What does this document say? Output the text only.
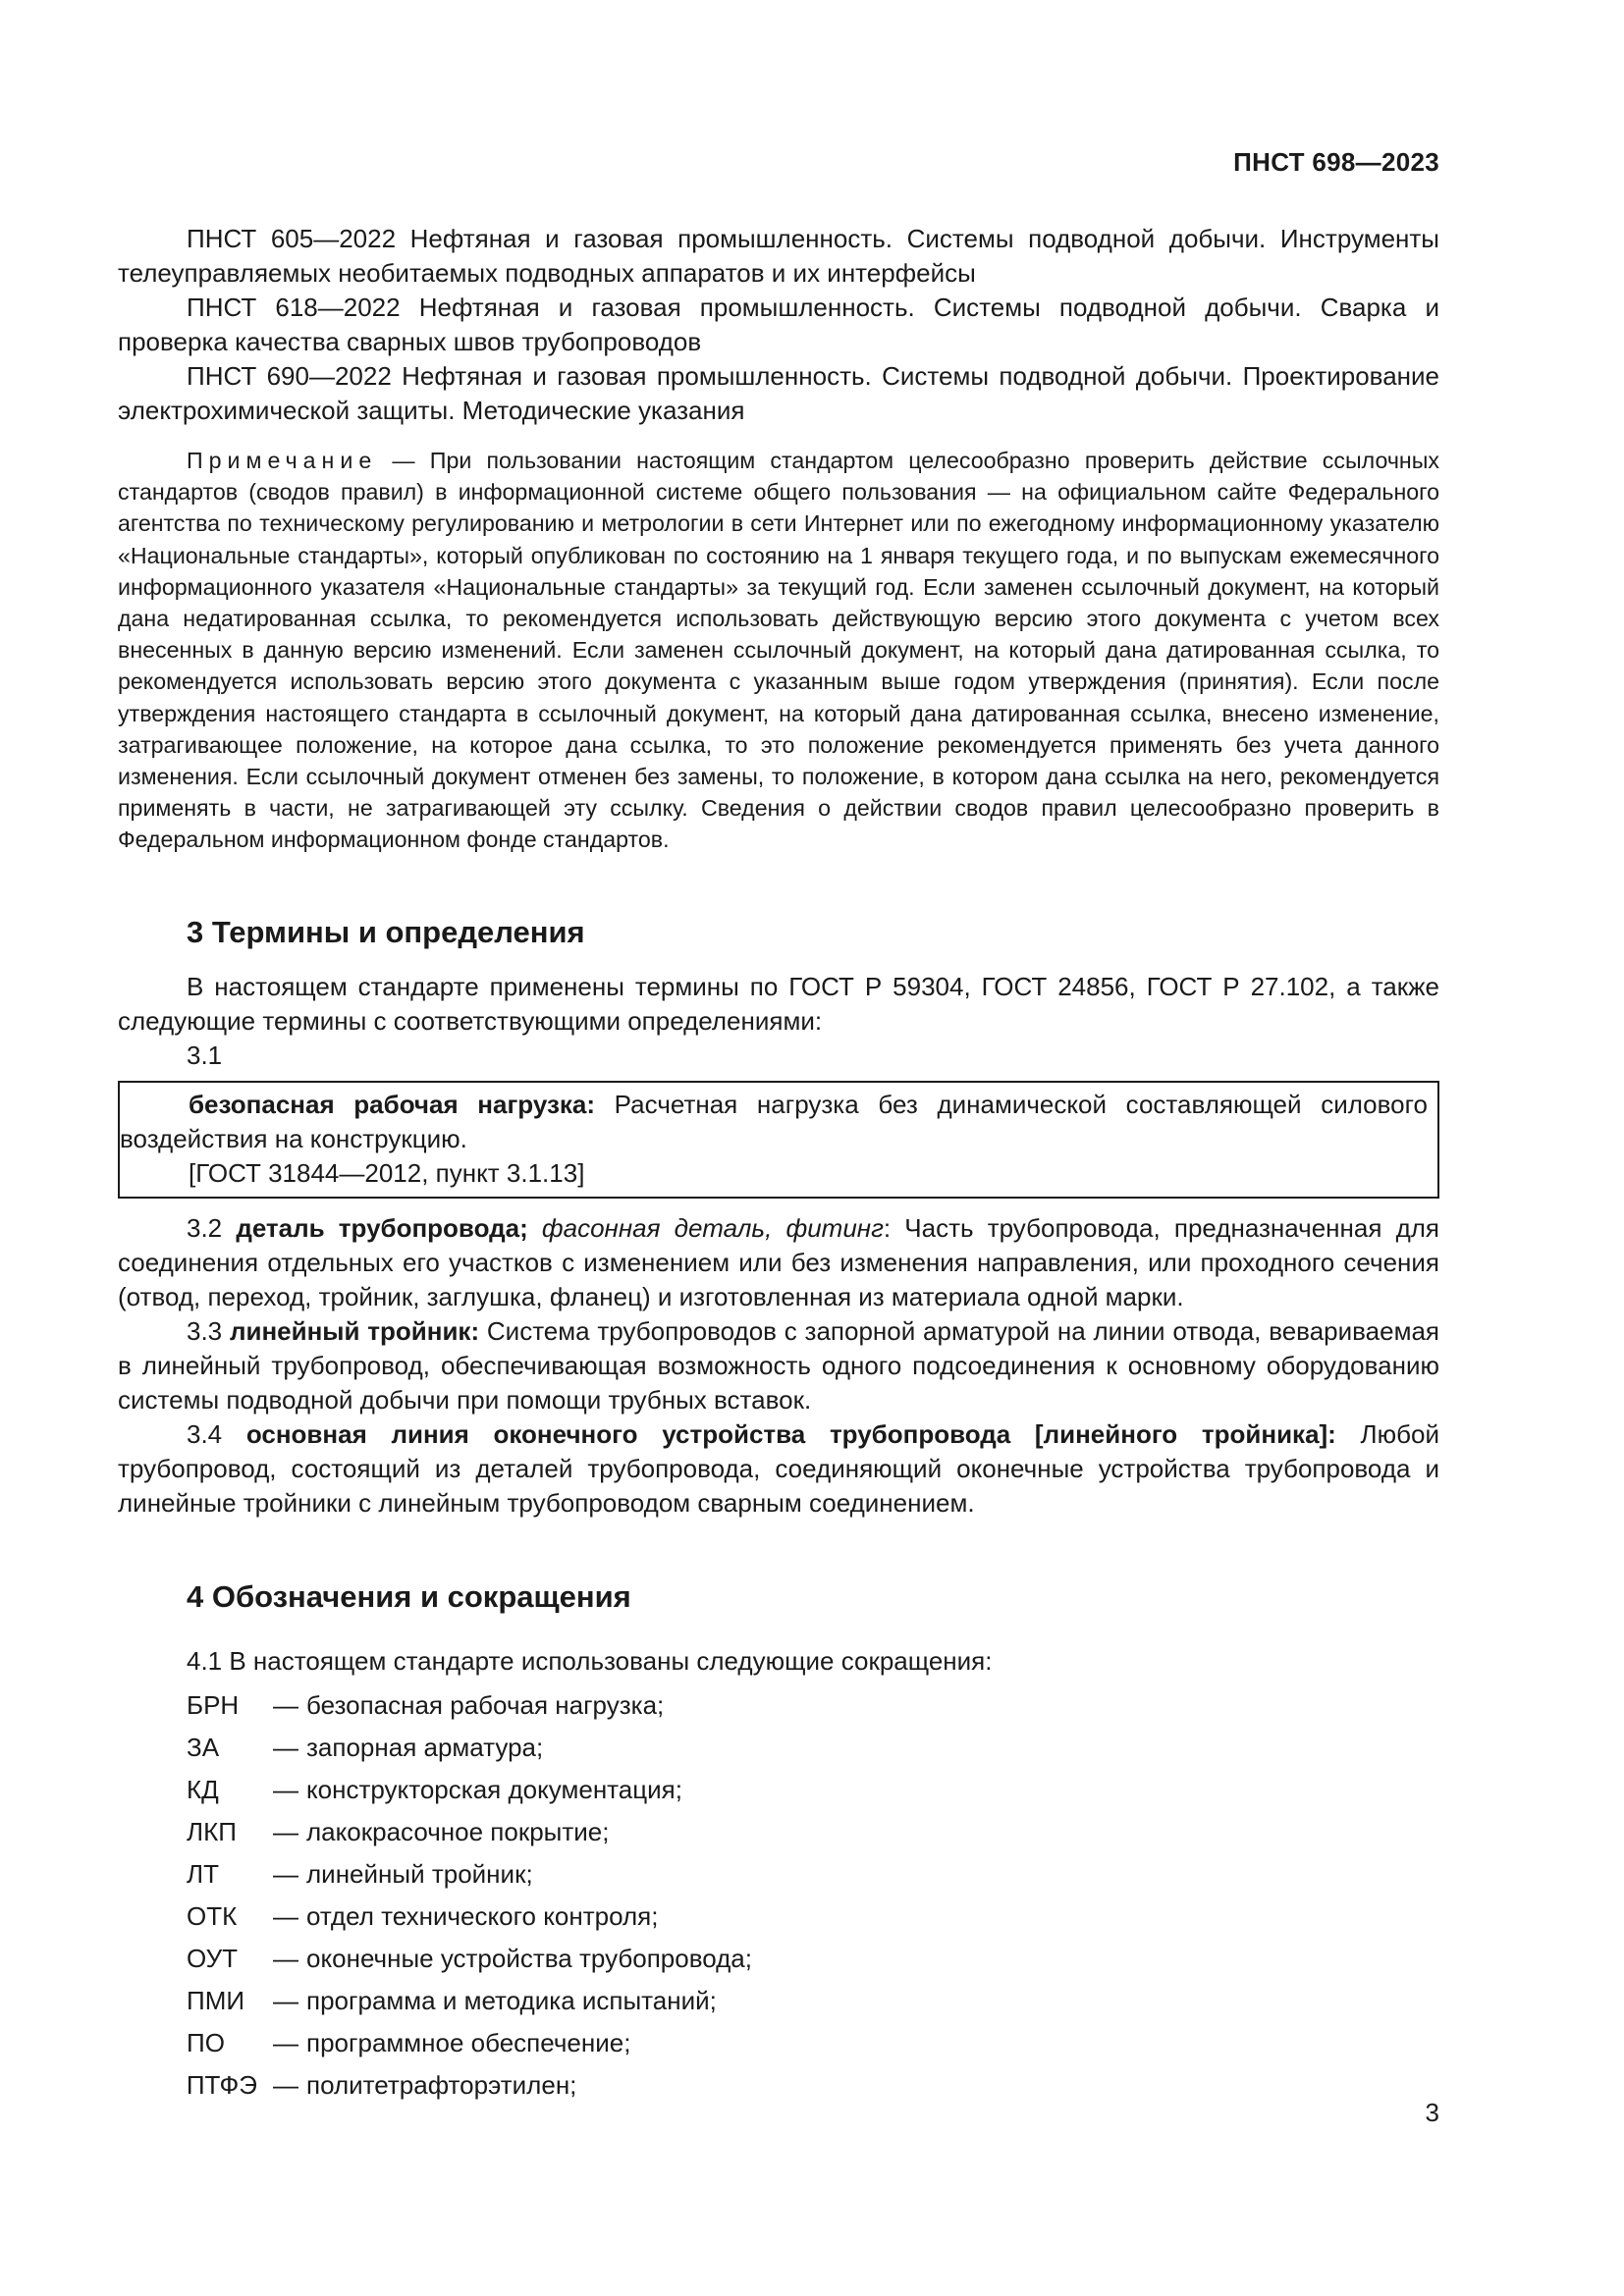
ПНСТ 698—2023

ПНСТ 605—2022 Нефтяная и газовая промышленность. Системы подводной добычи. Инструменты телеуправляемых необитаемых подводных аппаратов и их интерфейсы

ПНСТ 618—2022 Нефтяная и газовая промышленность. Системы подводной добычи. Сварка и проверка качества сварных швов трубопроводов

ПНСТ 690—2022 Нефтяная и газовая промышленность. Системы подводной добычи. Проектирование электрохимической защиты. Методические указания

Примечание — При пользовании настоящим стандартом целесообразно проверить действие ссылочных стандартов (сводов правил) в информационной системе общего пользования — на официальном сайте Федерального агентства по техническому регулированию и метрологии в сети Интернет или по ежегодному информационному указателю «Национальные стандарты», который опубликован по состоянию на 1 января текущего года, и по выпускам ежемесячного информационного указателя «Национальные стандарты» за текущий год. Если заменен ссылочный документ, на который дана недатированная ссылка, то рекомендуется использовать действующую версию этого документа с учетом всех внесенных в данную версию изменений. Если заменен ссылочный документ, на который дана датированная ссылка, то рекомендуется использовать версию этого документа с указанным выше годом утверждения (принятия). Если после утверждения настоящего стандарта в ссылочный документ, на который дана датированная ссылка, внесено изменение, затрагивающее положение, на которое дана ссылка, то это положение рекомендуется применять без учета данного изменения. Если ссылочный документ отменен без замены, то положение, в котором дана ссылка на него, рекомендуется применять в части, не затрагивающей эту ссылку. Сведения о действии сводов правил целесообразно проверить в Федеральном информационном фонде стандартов.

3 Термины и определения

В настоящем стандарте применены термины по ГОСТ Р 59304, ГОСТ 24856, ГОСТ Р 27.102, а также следующие термины с соответствующими определениями:

3.1

безопасная рабочая нагрузка: Расчетная нагрузка без динамической составляющей силового воздействия на конструкцию.

[ГОСТ 31844—2012, пункт 3.1.13]

3.2 деталь трубопровода; фасонная деталь, фитинг: Часть трубопровода, предназначенная для соединения отдельных его участков с изменением или без изменения направления, или проходного сечения (отвод, переход, тройник, заглушка, фланец) и изготовленная из материала одной марки.

3.3 линейный тройник: Система трубопроводов с запорной арматурой на линии отвода, вевариваемая в линейный трубопровод, обеспечивающая возможность одного подсоединения к основному оборудованию системы подводной добычи при помощи трубных вставок.

3.4 основная линия оконечного устройства трубопровода [линейного тройника]: Любой трубопровод, состоящий из деталей трубопровода, соединяющий оконечные устройства трубопровода и линейные тройники с линейным трубопроводом сварным соединением.

4 Обозначения и сокращения

4.1 В настоящем стандарте использованы следующие сокращения:

БРН	— безопасная рабочая нагрузка;
ЗА	— запорная арматура;
КД	— конструкторская документация;
ЛКП	— лакокрасочное покрытие;
ЛТ	— линейный тройник;
ОТК	— отдел технического контроля;
ОУТ	— оконечные устройства трубопровода;
ПМИ	— программа и методика испытаний;
ПО	— программное обеспечение;
ПТФЭ — политетрафторэтилен;
3
